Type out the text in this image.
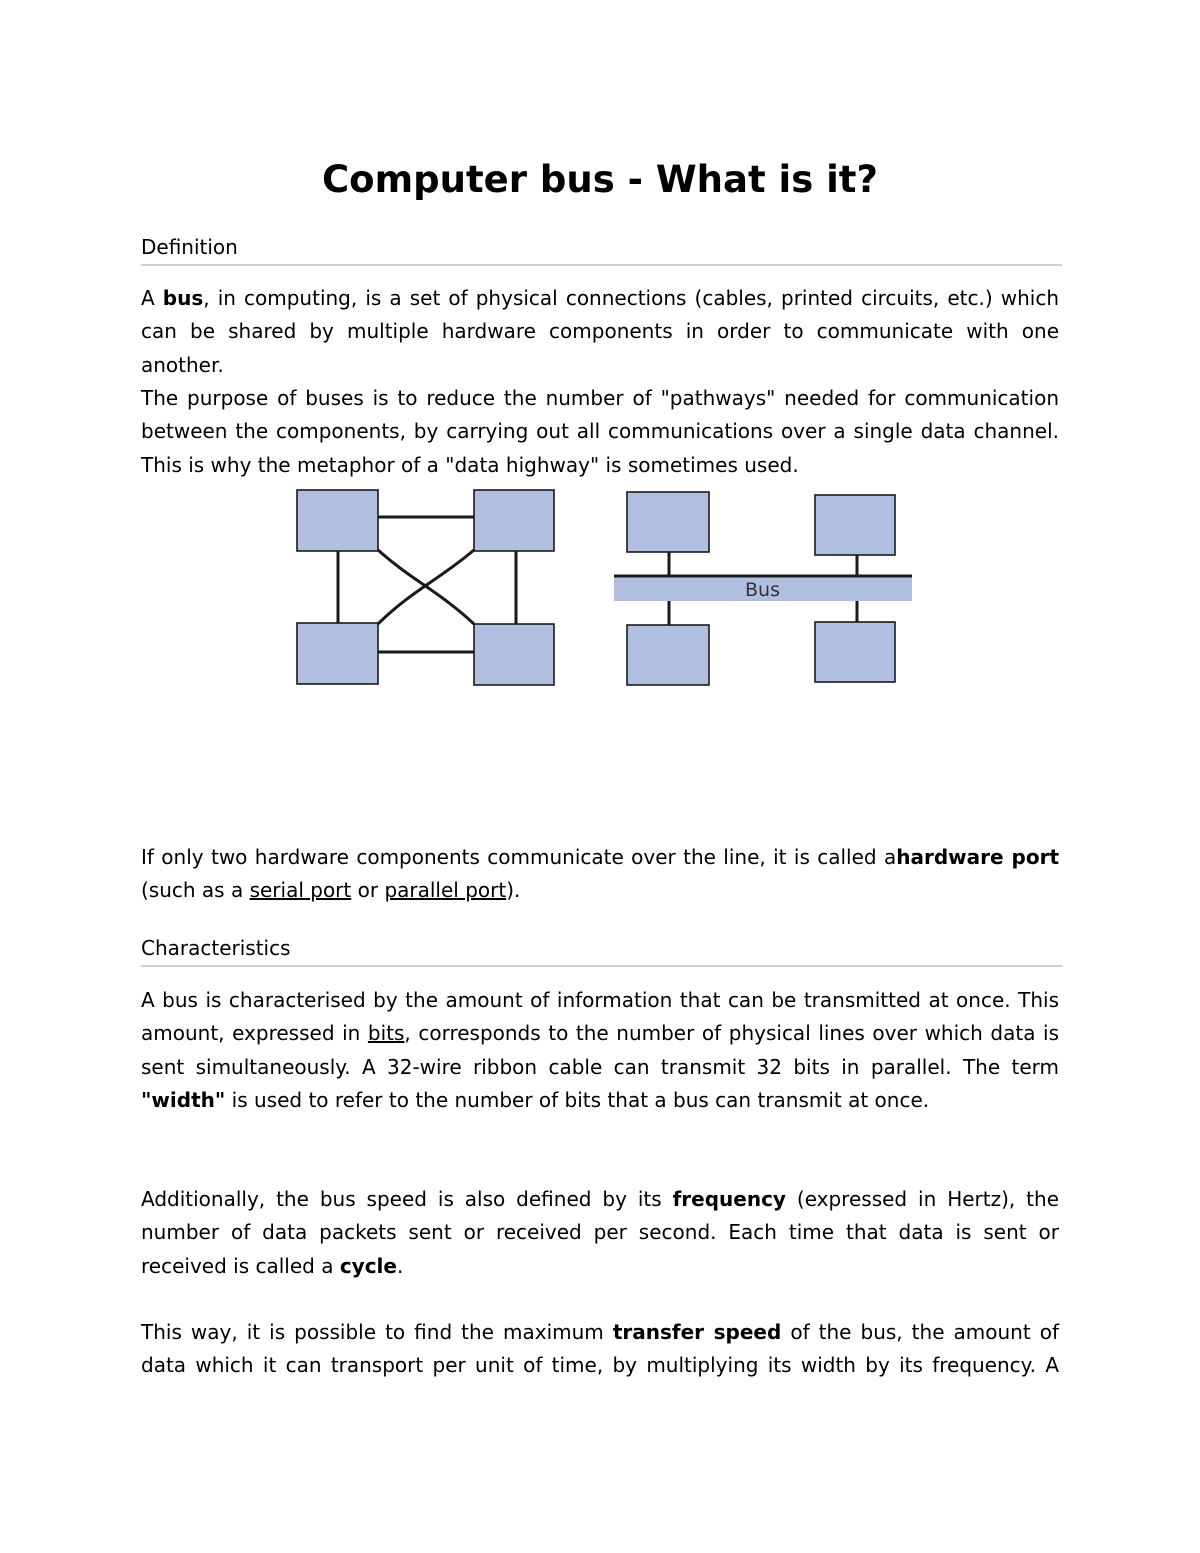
Computer bus - What is it?
Definition

A bus, in computing, is a set of physical connections (cables, printed circuits, etc.) which can be shared by multiple hardware components in order to communicate with one another.

The purpose of buses is to reduce the number of "pathways" needed for communication between the components, by carrying out all communications over a single data channel. This is why the metaphor of a "data highway" is sometimes used.

Bus

If only two hardware components communicate over the line, it is called ahardware port (such as a serial port or parallel port).

Characteristics

A bus is characterised by the amount of information that can be transmitted at once. This amount, expressed in bits, corresponds to the number of physical lines over which data is sent simultaneously. A 32-wire ribbon cable can transmit 32 bits in parallel. The term "width" is used to refer to the number of bits that a bus can transmit at once.

Additionally, the bus speed is also defined by its frequency (expressed in Hertz), the number of data packets sent or received per second. Each time that data is sent or received is called a cycle.

This way, it is possible to find the maximum transfer speed of the bus, the amount of data which it can transport per unit of time, by multiplying its width by its frequency. A
